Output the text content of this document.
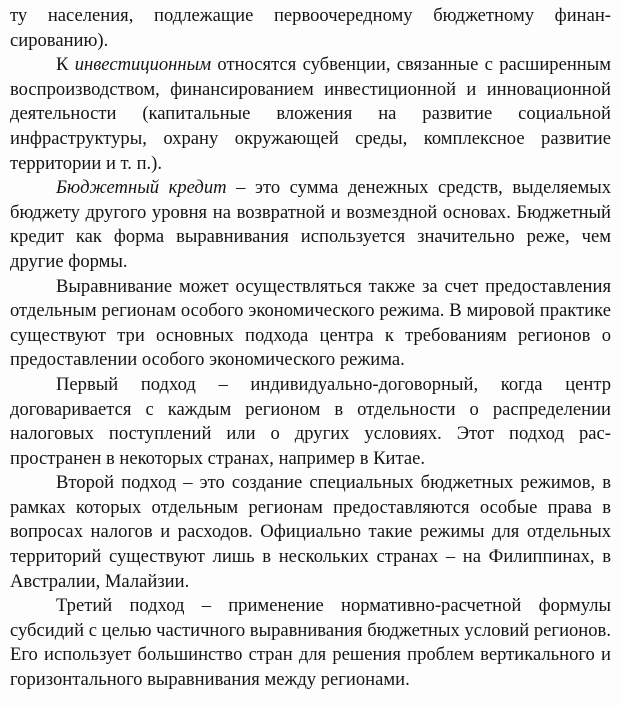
ту населения, подлежащие первоочередному бюджетному финансированию).

К инвестиционным относятся субвенции, связанные с расширенным воспроизводством, финансированием инвестиционной и инновационной деятельности (капитальные вложения на развитие социальной инфраструктуры, охрану окружающей среды, комплексное развитие территории и т. п.).

Бюджетный кредит – это сумма денежных средств, выделяемых бюджету другого уровня на возвратной и возмездной основах. Бюджетный кредит как форма выравнивания используется значительно реже, чем другие формы.

Выравнивание может осуществляться также за счет предоставления отдельным регионам особого экономического режима. В мировой практике существуют три основных подхода центра к требованиям регионов о предоставлении особого экономического режима.

Первый подход – индивидуально-договорный, когда центр договаривается с каждым регионом в отдельности о распределении налоговых поступлений или о других условиях. Этот подход распространен в некоторых странах, например в Китае.

Второй подход – это создание специальных бюджетных режимов, в рамках которых отдельным регионам предоставляются особые права в вопросах налогов и расходов. Официально такие режимы для отдельных территорий существуют лишь в нескольких странах – на Филиппинах, в Австралии, Малайзии.

Третий подход – применение нормативно-расчетной формулы субсидий с целью частичного выравнивания бюджетных условий регионов. Его использует большинство стран для решения проблем вертикального и горизонтального выравнивания между регионами.
